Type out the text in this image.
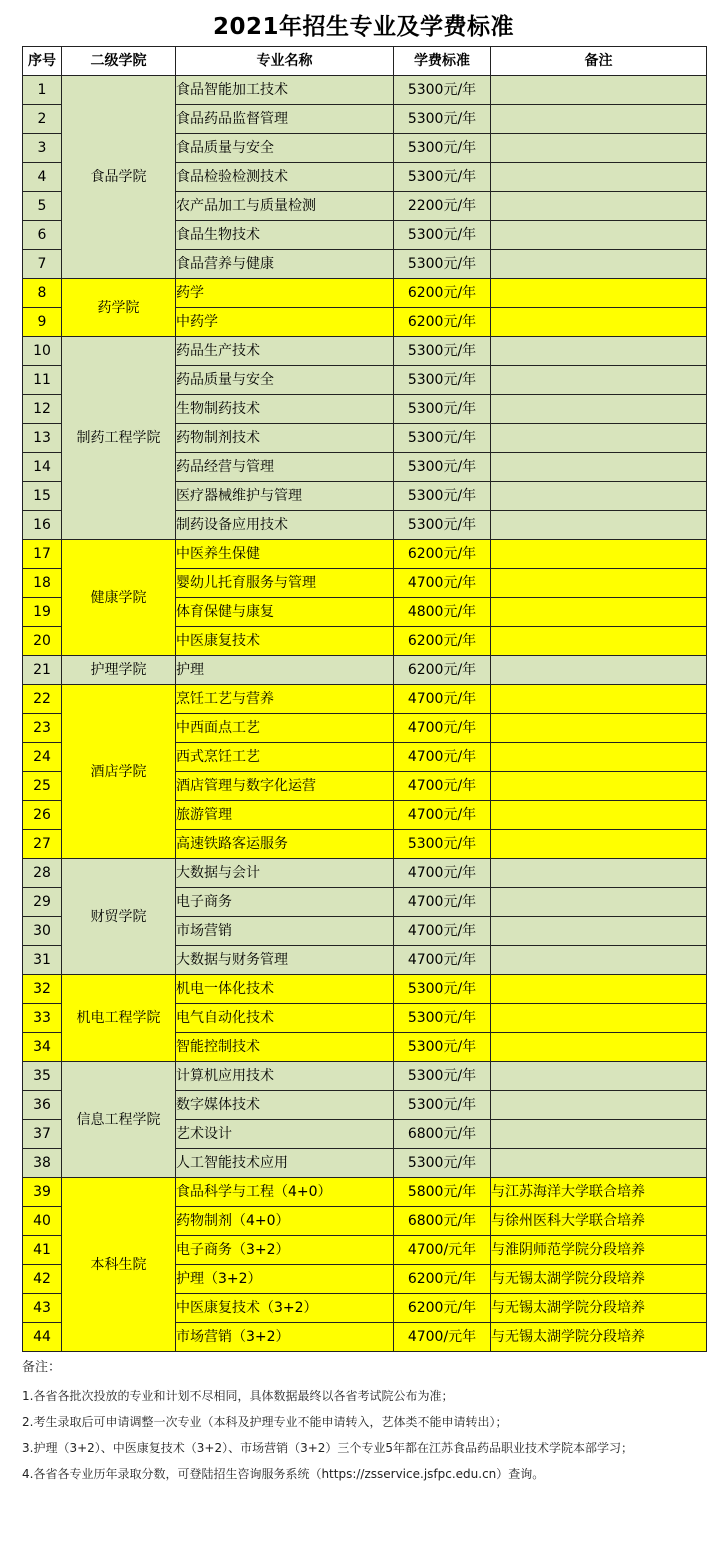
2021年招生专业及学费标准
序号	二级学院	专业名称	学费标准	备注
1	食品学院	食品智能加工技术	5300元/年	
2		食品药品监督管理	5300元/年	
3		食品质量与安全	5300元/年	
4		食品检验检测技术	5300元/年	
5		农产品加工与质量检测	2200元/年	
6		食品生物技术	5300元/年	
7		食品营养与健康	5300元/年	
8	药学院	药学	6200元/年	
9		中药学	6200元/年	
10	制药工程学院	药品生产技术	5300元/年	
11		药品质量与安全	5300元/年	
12		生物制药技术	5300元/年	
13		药物制剂技术	5300元/年	
14		药品经营与管理	5300元/年	
15		医疗器械维护与管理	5300元/年	
16		制药设备应用技术	5300元/年	
17	健康学院	中医养生保健	6200元/年	
18		婴幼儿托育服务与管理	4700元/年	
19		体育保健与康复	4800元/年	
20		中医康复技术	6200元/年	
21	护理学院	护理	6200元/年	
22	酒店学院	烹饪工艺与营养	4700元/年	
23		中西面点工艺	4700元/年	
24		西式烹饪工艺	4700元/年	
25		酒店管理与数字化运营	4700元/年	
26		旅游管理	4700元/年	
27		高速铁路客运服务	5300元/年	
28	财贸学院	大数据与会计	4700元/年	
29		电子商务	4700元/年	
30		市场营销	4700元/年	
31		大数据与财务管理	4700元/年	
32	机电工程学院	机电一体化技术	5300元/年	
33		电气自动化技术	5300元/年	
34		智能控制技术	5300元/年	
35	信息工程学院	计算机应用技术	5300元/年	
36		数字媒体技术	5300元/年	
37		艺术设计	6800元/年	
38		人工智能技术应用	5300元/年	
39	本科生院	食品科学与工程（4+0）	5800元/年	与江苏海洋大学联合培养
40		药物制剂（4+0）	6800元/年	与徐州医科大学联合培养
41		电子商务（3+2）	4700/元年	与淮阴师范学院分段培养
42		护理（3+2）	6200元/年	与无锡太湖学院分段培养
43		中医康复技术（3+2）	6200元/年	与无锡太湖学院分段培养
44		市场营销（3+2）	4700/元年	与无锡太湖学院分段培养
备注：
1.各省各批次投放的专业和计划不尽相同，具体数据最终以各省考试院公布为准；
2.考生录取后可申请调整一次专业（本科及护理专业不能申请转入，艺体类不能申请转出）；
3.护理（3+2）、中医康复技术（3+2）、市场营销（3+2）三个专业5年都在江苏食品药品职业技术学院本部学习；
4.各省各专业历年录取分数，可登陆招生咨询服务系统（https://zsservice.jsfpc.edu.cn）查询。
